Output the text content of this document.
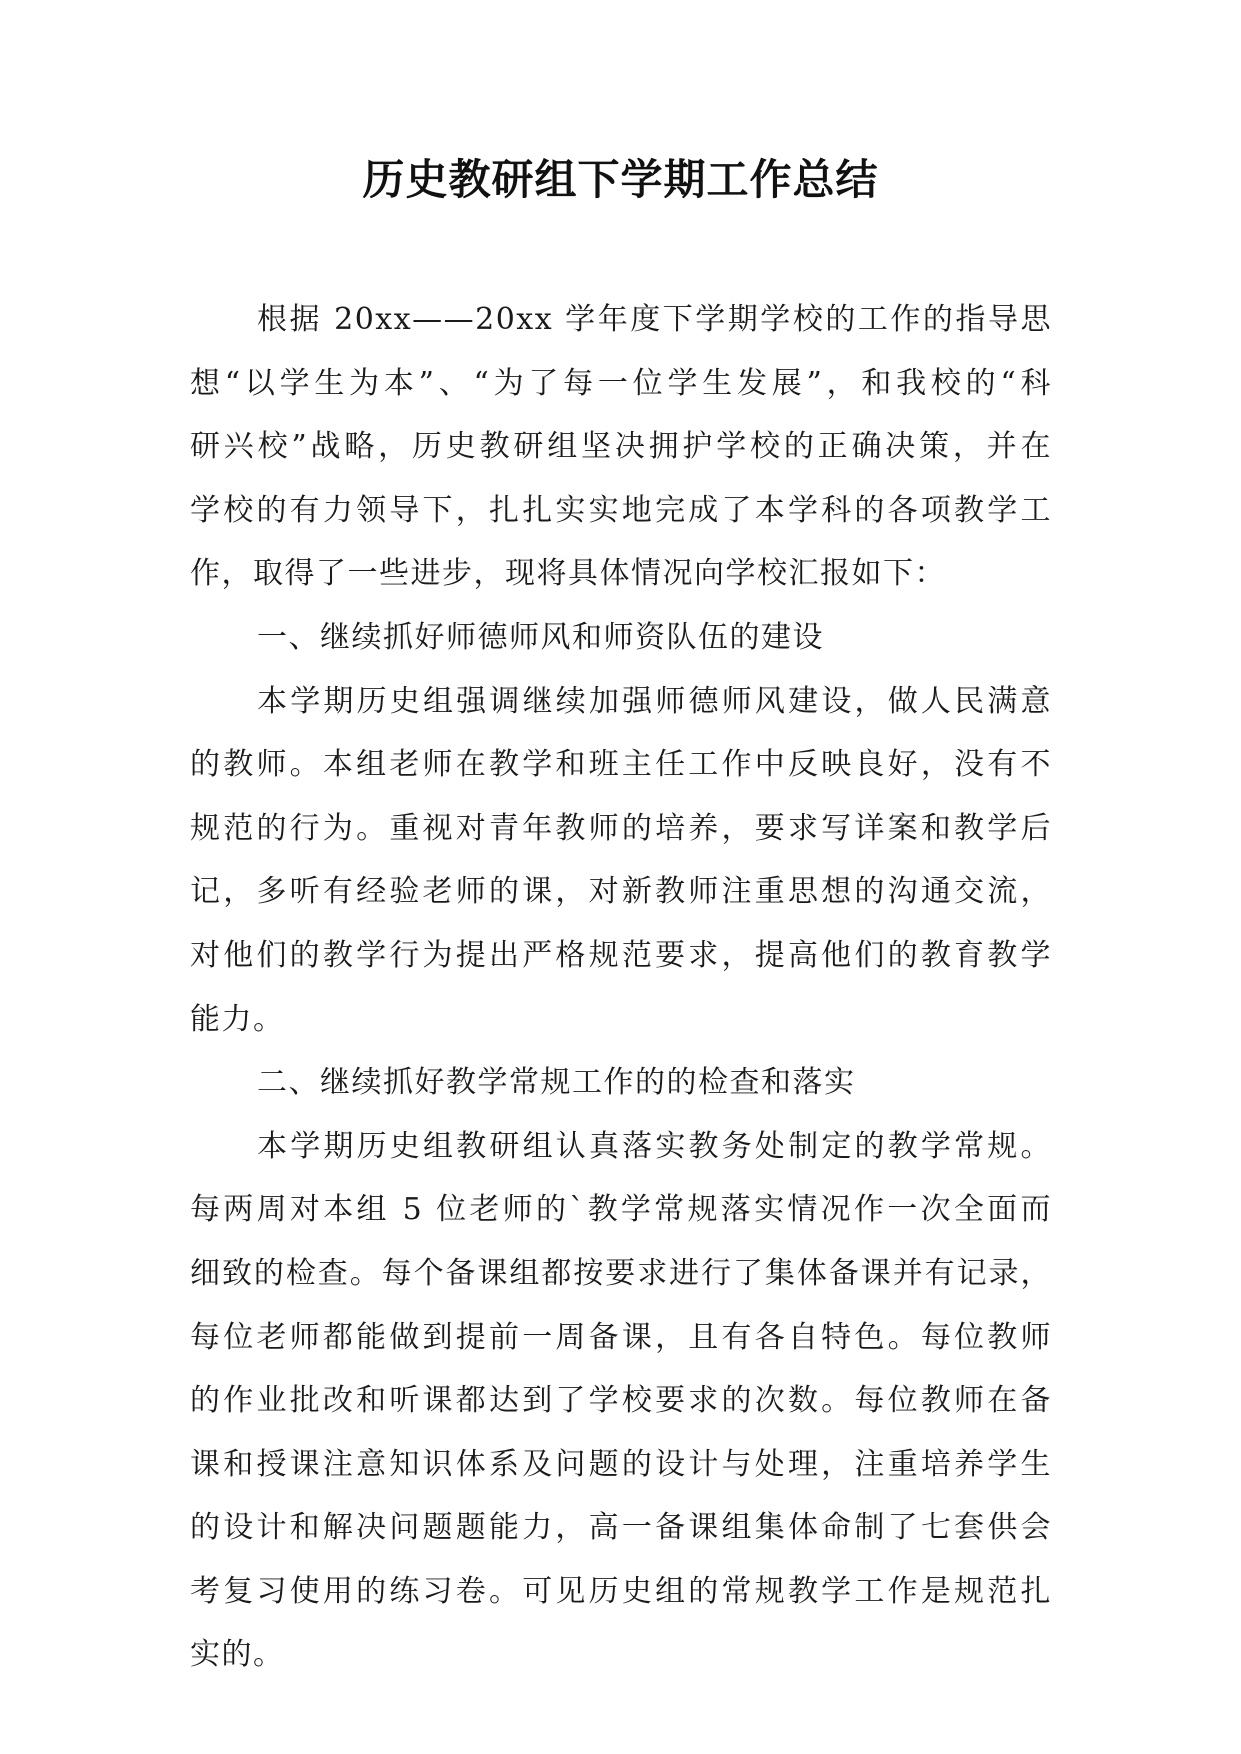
历史教研组下学期工作总结
根据 20xx——20xx 学年度下学期学校的工作的指导思
想“以学生为本”、“为了每一位学生发展”，和我校的“科
研兴校”战略，历史教研组坚决拥护学校的正确决策，并在
学校的有力领导下，扎扎实实地完成了本学科的各项教学工
作，取得了一些进步，现将具体情况向学校汇报如下：
一、继续抓好师德师风和师资队伍的建设
本学期历史组强调继续加强师德师风建设，做人民满意
的教师。本组老师在教学和班主任工作中反映良好，没有不
规范的行为。重视对青年教师的培养，要求写详案和教学后
记，多听有经验老师的课，对新教师注重思想的沟通交流，
对他们的教学行为提出严格规范要求，提高他们的教育教学
能力。
二、继续抓好教学常规工作的的检查和落实
本学期历史组教研组认真落实教务处制定的教学常规。
每两周对本组 5 位老师的`教学常规落实情况作一次全面而
细致的检查。每个备课组都按要求进行了集体备课并有记录，
每位老师都能做到提前一周备课，且有各自特色。每位教师
的作业批改和听课都达到了学校要求的次数。每位教师在备
课和授课注意知识体系及问题的设计与处理，注重培养学生
的设计和解决问题题能力，高一备课组集体命制了七套供会
考复习使用的练习卷。可见历史组的常规教学工作是规范扎
实的。
